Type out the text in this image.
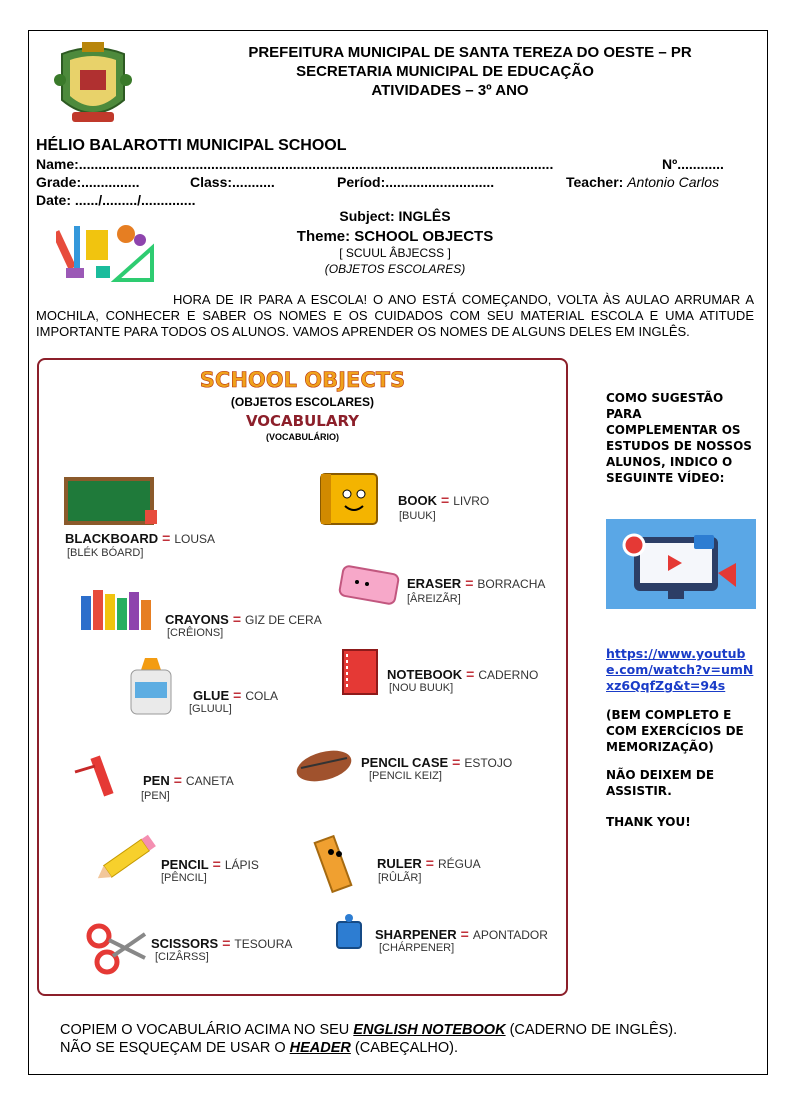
PREFEITURA MUNICIPAL DE SANTA TEREZA DO OESTE – PR
SECRETARIA MUNICIPAL DE EDUCAÇÃO
ATIVIDADES – 3º ANO
HÉLIO BALAROTTI MUNICIPAL SCHOOL
Name:..........................................................................................................................	Nº............
Grade:...............	Class:...........	Períod:............................	Teacher: Antonio Carlos
Date: ....../........./..............
Subject: INGLÊS
Theme: SCHOOL OBJECTS
[ SCUUL ÂBJECSS ]
(OBJETOS ESCOLARES)
HORA DE IR PARA A ESCOLA! O ANO ESTÁ COMEÇANDO, VOLTA ÀS AULAO ARRUMAR A MOCHILA, CONHECER E SABER OS NOMES E OS CUIDADOS COM SEU MATERIAL ESCOLA E UMA ATITUDE IMPORTANTE PARA TODOS OS ALUNOS. VAMOS APRENDER OS NOMES DE ALGUNS DELES EM INGLÊS.
SCHOOL OBJECTS
(OBJETOS ESCOLARES)
VOCABULARY
(VOCABULÁRIO)
BLACKBOARD = LOUSA
[BLÉK BÓARD]
BOOK = LIVRO
[BUUK]
ERASER = BORRACHA
[ÂREIZÃR]
CRAYONS = GIZ DE CERA
[CRÊIONS]
NOTEBOOK = CADERNO
[NOU BUUK]
GLUE = COLA
[GLUUL]
PENCIL CASE = ESTOJO
[PENCIL KEIZ]
PEN = CANETA
[PEN]
PENCIL = LÁPIS
[PÊNCIL]
RULER = RÉGUA
[RÛLÃR]
SCISSORS = TESOURA
[CIZÂRSS]
SHARPENER = APONTADOR
[CHÁRPENER]
COMO SUGESTÃO PARA COMPLEMENTAR OS ESTUDOS DE NOSSOS ALUNOS, INDICO O SEGUINTE VÍDEO:
https://www.youtube.com/watch?v=umNxz6QqfZg&t=94s
(BEM COMPLETO E COM EXERCÍCIOS DE MEMORIZAÇÃO)
NÃO DEIXEM DE ASSISTIR.
THANK YOU!
COPIEM O VOCABULÁRIO ACIMA NO SEU ENGLISH NOTEBOOK (CADERNO DE INGLÊS).
NÃO SE ESQUEÇAM DE USAR O HEADER (CABEÇALHO).
